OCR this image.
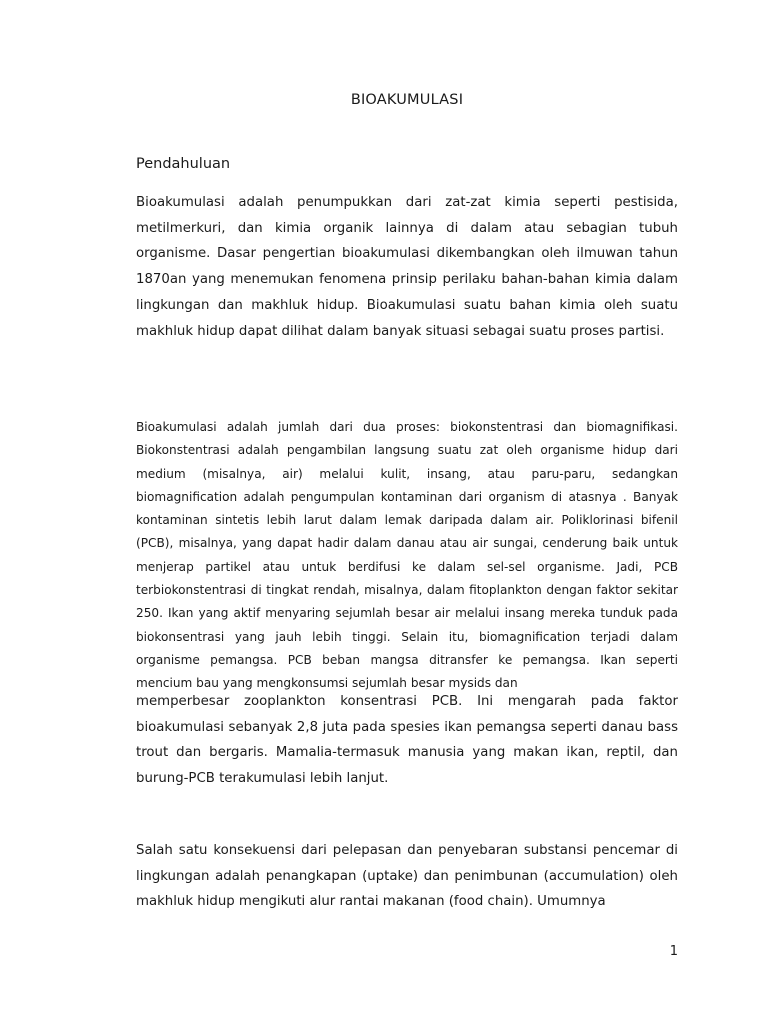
BIOAKUMULASI
Pendahuluan

Bioakumulasi adalah penumpukkan dari zat-zat kimia seperti pestisida, metilmerkuri, dan kimia organik lainnya di dalam atau sebagian tubuh organisme. Dasar pengertian bioakumulasi dikembangkan oleh ilmuwan tahun 1870an yang menemukan fenomena prinsip perilaku bahan-bahan kimia dalam lingkungan dan makhluk hidup. Bioakumulasi suatu bahan kimia oleh suatu makhluk hidup dapat dilihat dalam banyak situasi sebagai suatu proses partisi.

Bioakumulasi adalah jumlah dari dua proses: biokonstentrasi dan biomagnifikasi. Biokonstentrasi adalah pengambilan langsung suatu zat oleh organisme hidup dari medium (misalnya, air) melalui kulit, insang, atau paru-paru, sedangkan biomagnification adalah pengumpulan kontaminan dari organism di atasnya . Banyak kontaminan sintetis lebih larut dalam lemak daripada dalam air. Poliklorinasi bifenil (PCB), misalnya, yang dapat hadir dalam danau atau air sungai, cenderung baik untuk menjerap partikel atau untuk berdifusi ke dalam sel-sel organisme. Jadi, PCB terbiokonstentrasi di tingkat rendah, misalnya, dalam fitoplankton dengan faktor sekitar 250. Ikan yang aktif menyaring sejumlah besar air melalui insang mereka tunduk pada biokonsentrasi yang jauh lebih tinggi. Selain itu, biomagnification terjadi dalam organisme pemangsa. PCB beban mangsa ditransfer ke pemangsa. Ikan seperti mencium bau yang mengkonsumsi sejumlah besar mysids dan

memperbesar zooplankton konsentrasi PCB. Ini mengarah pada faktor bioakumulasi sebanyak 2,8 juta pada spesies ikan pemangsa seperti danau bass trout dan bergaris. Mamalia-termasuk manusia yang makan ikan, reptil, dan burung-PCB terakumulasi lebih lanjut.

Salah satu konsekuensi dari pelepasan dan penyebaran substansi pencemar di lingkungan adalah penangkapan (uptake) dan penimbunan (accumulation) oleh makhluk hidup mengikuti alur rantai makanan (food chain). Umumnya

1
